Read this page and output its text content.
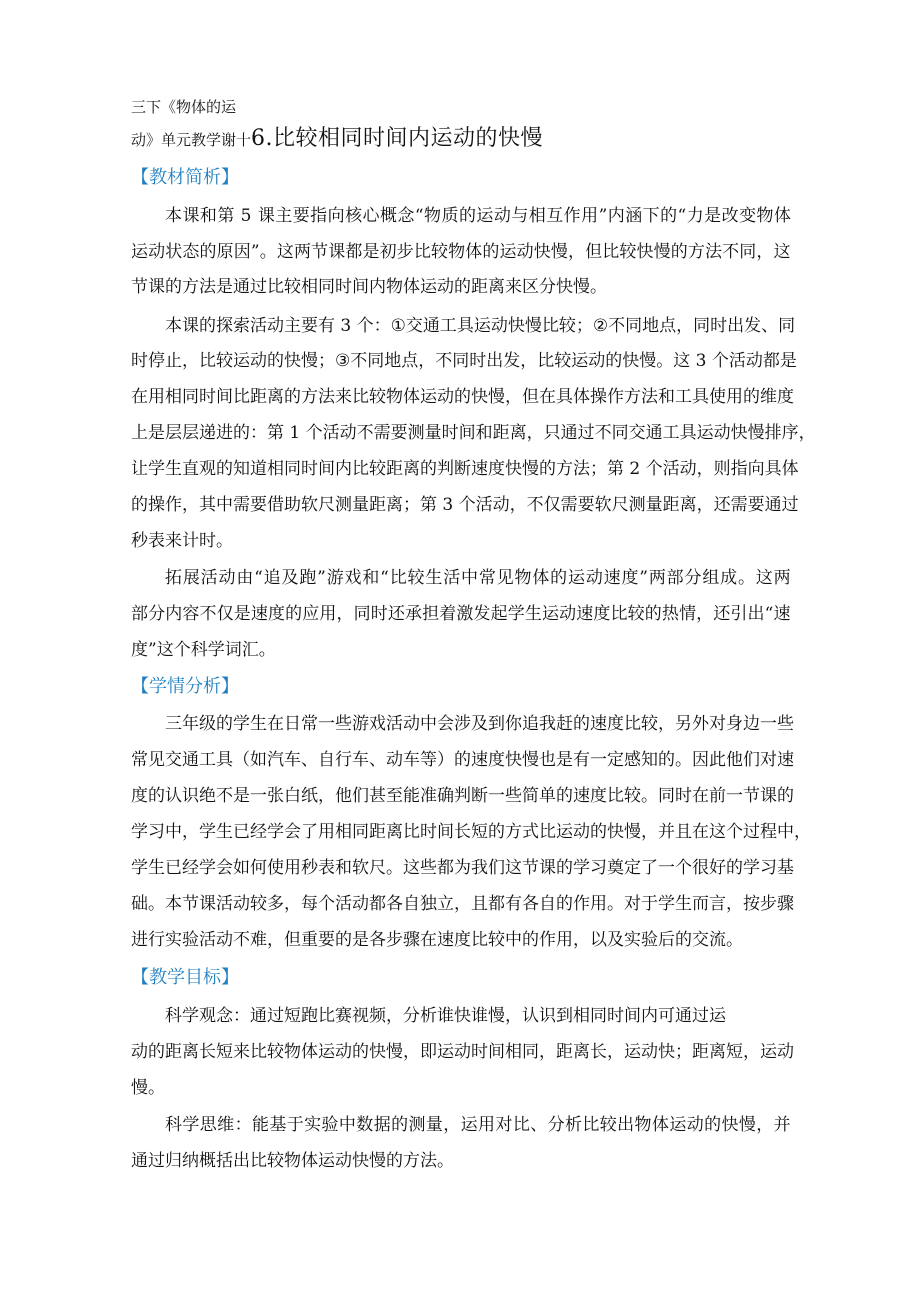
三下《物体的运
动》单元教学谢十6.比较相同时间内运动的快慢
【教材简析】
本 课 和 第
5
课 主 要 指 向 核 心 概 念 “ 物 质 的 运 动 与 相 互 作 用 ” 内 涵 下 的 “ 力 是 改 变 物 体
运 动 状 态 的 原 因 ” 。 这 两 节 课 都 是 初 步 比 较 物 体 的 运 动 快 慢 ， 但 比 较 快 慢 的 方 法 不 同 ， 这
节课的方法是通过比较相同时间内物体运动的距离来区分快慢。
本 课 的 探 索 活 动 主 要 有
3
个 ： ① 交 通 工 具 运 动 快 慢 比 较 ； ② 不 同 地 点 ， 同 时 出 发 、 同
时 停 止 ， 比 较 运 动 的 快 慢 ； ③ 不 同 地 点 ， 不 同 时 出 发 ， 比 较 运 动 的 快 慢 。 这
3
个 活 动 都 是
在 用 相 同 时 间 比 距 离 的 方 法 来 比 较 物 体 运 动 的 快 慢 ， 但 在 具 体 操 作 方 法 和 工 具 使 用 的 维 度
上 是 层 层 递 进 的 ： 第
1
个 活 动 不 需 要 测 量 时 间 和 距 离 ， 只 通 过 不 同 交 通 工 具 运 动 快 慢 排 序 ，
让 学 生 直 观 的 知 道 相 同 时 间 内 比 较 距 离 的 判 断 速 度 快 慢 的 方 法 ； 第
2
个 活 动 ， 则 指 向 具 体
的 操 作 ， 其 中 需 要 借 助 软 尺 测 量 距 离 ； 第
3
个 活 动 ， 不 仅 需 要 软 尺 测 量 距 离 ， 还 需 要 通 过
秒表来计时。
拓 展 活 动 由 “ 追 及 跑 ” 游 戏 和 “ 比 较 生 活 中 常 见 物 体 的 运 动 速 度 ” 两 部 分 组 成 。 这 两
部 分 内 容 不 仅 是 速 度 的 应 用 ， 同 时 还 承 担 着 激 发 起 学 生 运 动 速 度 比 较 的 热 情 ， 还 引 出 “ 速
度”这个科学词汇。
【学情分析】
三 年 级 的 学 生 在 日 常 一 些 游 戏 活 动 中 会 涉 及 到 你 追 我 赶 的 速 度 比 较 ， 另 外 对 身 边 一 些
常 见 交 通 工 具 （ 如 汽 车 、 自 行 车 、 动 车 等 ） 的 速 度 快 慢 也 是 有 一 定 感 知 的 。 因 此 他 们 对 速
度 的 认 识 绝 不 是 一 张 白 纸 ， 他 们 甚 至 能 准 确 判 断 一 些 简 单 的 速 度 比 较 。 同 时 在 前 一 节 课 的
学 习 中 ， 学 生 已 经 学 会 了 用 相 同 距 离 比 时 间 长 短 的 方 式 比 运 动 的 快 慢 ， 并 且 在 这 个 过 程 中 ，
学 生 已 经 学 会 如 何 使 用 秒 表 和 软 尺 。 这 些 都 为 我 们 这 节 课 的 学 习 奠 定 了 一 个 很 好 的 学 习 基
础 。 本 节 课 活 动 较 多 ， 每 个 活 动 都 各 自 独 立 ， 且 都 有 各 自 的 作 用 。 对 于 学 生 而 言 ， 按 步 骤
进行实验活动不难，但重要的是各步骤在速度比较中的作用，以及实验后的交流。
【教学目标】
科学观念：通过短跑比赛视频，分析谁快谁慢，认识到相同时间内可通过运
动 的 距 离 长 短 来 比 较 物 体 运 动 的 快 慢 ， 即 运 动 时 间 相 同 ， 距 离 长 ， 运 动 快 ； 距 离 短 ， 运 动
慢。
科 学 思 维 ： 能 基 于 实 验 中 数 据 的 测 量 ， 运 用 对 比 、 分 析 比 较 出 物 体 运 动 的 快 慢 ， 并
通过归纳概括出比较物体运动快慢的方法。
